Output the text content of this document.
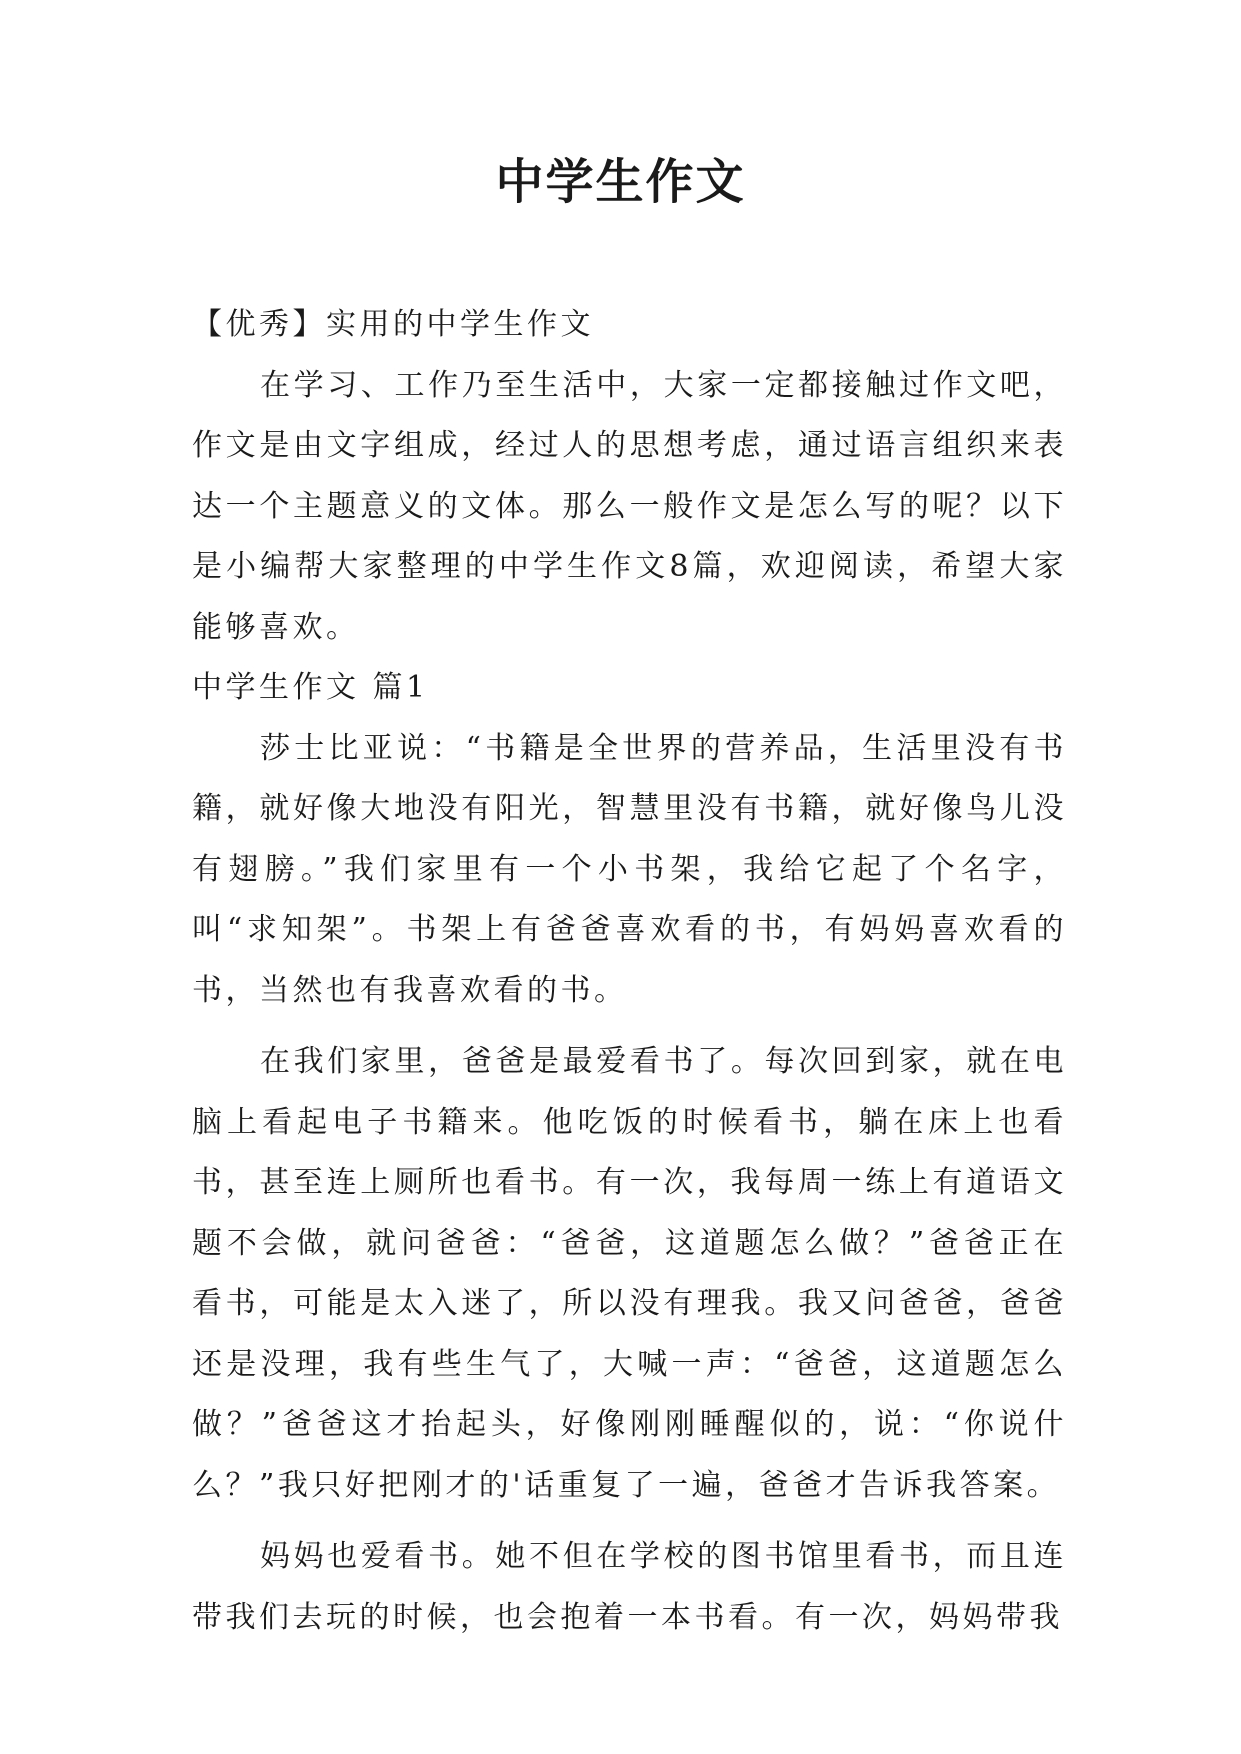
中学生作文

【优秀】实用的中学生作文

在学习、工作乃至生活中，大家一定都接触过作文吧，作文是由文字组成，经过人的思想考虑，通过语言组织来表达一个主题意义的文体。那么一般作文是怎么写的呢？以下是小编帮大家整理的中学生作文8篇，欢迎阅读，希望大家能够喜欢。

中学生作文 篇1

莎士比亚说：“书籍是全世界的营养品，生活里没有书籍，就好像大地没有阳光，智慧里没有书籍，就好像鸟儿没有翅膀。”我们家里有一个小书架，我给它起了个名字，叫“求知架”。书架上有爸爸喜欢看的书，有妈妈喜欢看的书，当然也有我喜欢看的书。

在我们家里，爸爸是最爱看书了。每次回到家，就在电脑上看起电子书籍来。他吃饭的时候看书，躺在床上也看书，甚至连上厕所也看书。有一次，我每周一练上有道语文题不会做，就问爸爸：“爸爸，这道题怎么做？”爸爸正在看书，可能是太入迷了，所以没有理我。我又问爸爸，爸爸还是没理，我有些生气了，大喊一声：“爸爸，这道题怎么做？”爸爸这才抬起头，好像刚刚睡醒似的，说：“你说什么？”我只好把刚才的'话重复了一遍，爸爸才告诉我答案。

妈妈也爱看书。她不但在学校的图书馆里看书，而且连带我们去玩的时候，也会抱着一本书看。有一次，妈妈带我
